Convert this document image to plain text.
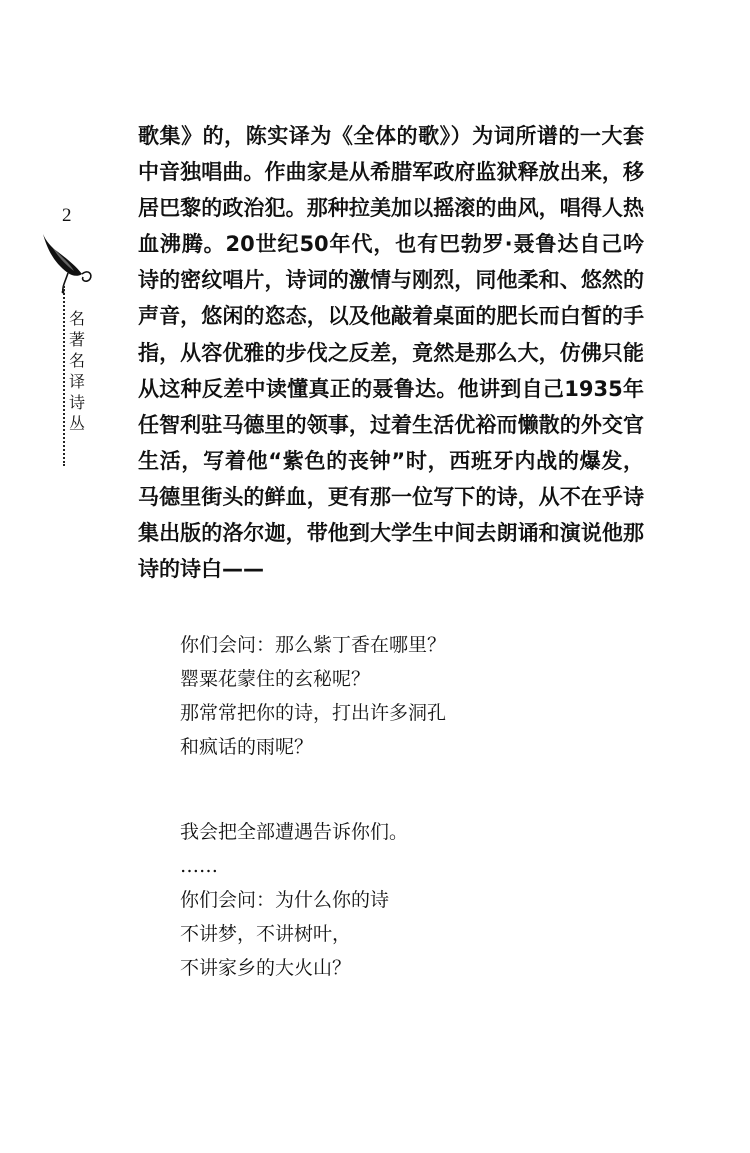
2
名著名译诗丛

歌集》的，陈实译为《全体的歌》）为词所谱的一大套中音独唱曲。作曲家是从希腊军政府监狱释放出来，移居巴黎的政治犯。那种拉美加以摇滚的曲风，唱得人热血沸腾。20世纪50年代，也有巴勃罗·聂鲁达自己吟诗的密纹唱片，诗词的激情与刚烈，同他柔和、悠然的声音，悠闲的恣态，以及他敲着桌面的肥长而白皙的手指，从容优雅的步伐之反差，竟然是那么大，仿佛只能从这种反差中读懂真正的聂鲁达。他讲到自己1935年任智利驻马德里的领事，过着生活优裕而懒散的外交官生活，写着他“紫色的丧钟”时，西班牙内战的爆发，马德里街头的鲜血，更有那一位写下的诗，从不在乎诗集出版的洛尔迦，带他到大学生中间去朗诵和演说他那诗的诗白——

你们会问：那么紫丁香在哪里？
罂粟花蒙住的玄秘呢？
那常常把你的诗，打出许多洞孔
和疯话的雨呢？
我会把全部遭遇告诉你们。
……
你们会问：为什么你的诗
不讲梦，不讲树叶，
不讲家乡的大火山？
